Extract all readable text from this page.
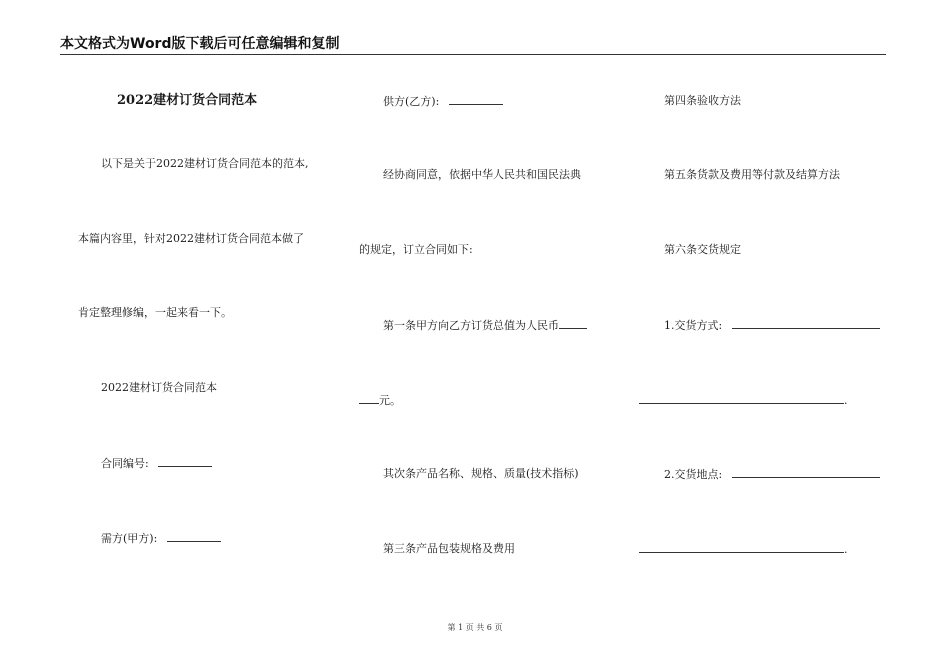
本文格式为Word版下载后可任意编辑和复制
2022建材订货合同范本
以下是关于2022建材订货合同范本的范本,
本篇内容里，针对2022建材订货合同范本做了
肯定整理修编，一起来看一下。
2022建材订货合同范本
合同编号:
需方(甲方):
供方(乙方):
经协商同意，依据中华人民共和国民法典
的规定，订立合同如下:
第一条甲方向乙方订货总值为人民币
元。
其次条产品名称、规格、质量(技术指标)
第三条产品包装规格及费用
第四条验收方法
第五条货款及费用等付款及结算方法
第六条交货规定
1.交货方式:
.
2.交货地点:
.
第 1 页 共 6 页
